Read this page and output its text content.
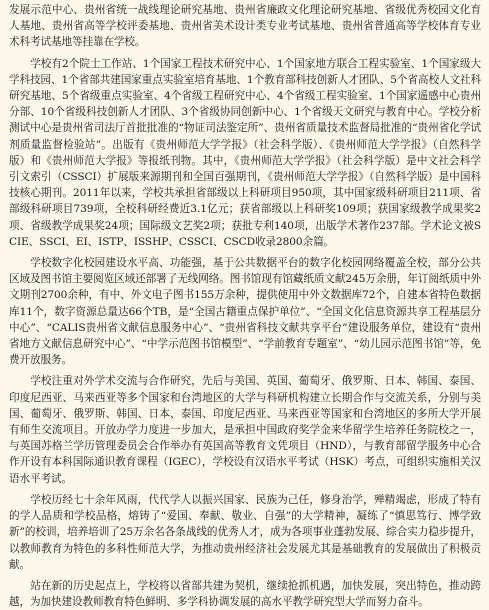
发展示范中心、贵州省统一战线理论研究基地、贵州省廉政文化理论研究基地、省级优秀校园文化育人基地、贵州省高等学校评委基地、贵州省美术设计类专业考试基地、贵州省普通高等学校体育专业术科考试基地等挂靠在学校。

学校有2个院士工作站、1个国家工程技术研究中心、1个国家地方联合工程实验室、1个国家级大学科技园、1个省部共建国家重点实验室培育基地、1个教育部科技创新人才团队、5个省高校人文社科研究基地、5个省级重点实验室、4个省级工程研究中心、4个省级工程实验室、1个国家遥感中心贵州分部、10个省级科技创新人才团队、3个省级协同创新中心、1个省级天文研究与教育中心。学校分析测试中心是贵州省司法厅首批批准的“物证司法鉴定所”、贵州省质量技术监督局批准的“贵州省化学试剂质量监督检验站”。出版有《贵州师范大学学报》（社会科学版）、《贵州师范大学学报》（自然科学版）和《贵州师范大学报》等报纸刊物。其中，《贵州师范大学学报》（社会科学版）是中文社会科学引文索引（CSSCI）扩展版来源期刊和全国百强期刊，《贵州师范大学学报》（自然科学版）是中国科技核心期刊。2011年以来，学校共承担省部级以上科研项目950项，其中国家级科研项目211项、省部级科研项目739项，全校科研经费近3.1亿元；获省部级以上科研奖109项；获国家级教学成果奖2项、省级教学成果奖24项；国际级文艺奖2项；获批专利140项，出版学术著作237部。学术论文被SCIE、SSCI、EI、ISTP、ISSHP、CSSCI、CSCD收录2800余篇。

学校数字化校园建设水平高、功能强，基于公共数据平台的数字化校园网络覆盖全校，部分公共区域及图书馆主要阅览区域还部署了无线网络。图书馆现有馆藏纸质文献245万余册，年订阅纸质中外文期刊2700余种，有中、外文电子图书155万余种，提供使用中外文数据库72个，自建本省特色数据库11个，数字资源总量达66个TB，是“全国古籍重点保护单位”、“全国文化信息资源共享工程基层分中心”、“CALIS贵州省文献信息服务中心”、“贵州省科技文献共享平台”建设服务单位，建设有“贵州省地方文献信息研究中心”、“中学示范图书馆模型”、“学前教育专题室”、“幼儿园示范图书馆”等，免费开放服务。

学校注重对外学术交流与合作研究，先后与美国、英国、葡萄牙、俄罗斯、日本、韩国、泰国、印度尼西亚、马来西亚等多个国家和台湾地区的大学与科研机构建立长期合作与交流关系，分别与美国、葡萄牙、俄罗斯、韩国、日本、泰国、印度尼西亚、马来西亚等国家和台湾地区的多所大学开展有师生交流项目。开放办学力度进一步加大，是承担中国政府奖学金来华留学生培养任务院校之一，与英国苏格兰学历管理委员会合作举办有英国高等教育文凭项目（HND），与教育部留学服务中心合作开设有本科国际通识教育课程（IGEC），学校设有汉语水平考试（HSK）考点，可组织实施相关汉语水平考试。

学校历经七十余年风雨，代代学人以振兴国家、民族为己任，修身治学，殚精竭虑，形成了特有的学人品质和学校品格，熔铸了“爱国、奉献、敬业、自强”的大学精神，凝练了“慎思笃行、博学致新”的校训，培养培训了25万余名各条战线的优秀人才，成为各项事业蓬勃发展、综合实力稳步提升，以教师教育为特色的多科性师范大学，为推动贵州经济社会发展尤其是基础教育的发展做出了积极贡献。

站在新的历史起点上，学校将以省部共建为契机，继续抢抓机遇，加快发展，突出特色，推动跨越，为加快建设教师教育特色鲜明、多学科协调发展的高水平教学研究型大学而努力奋斗。
